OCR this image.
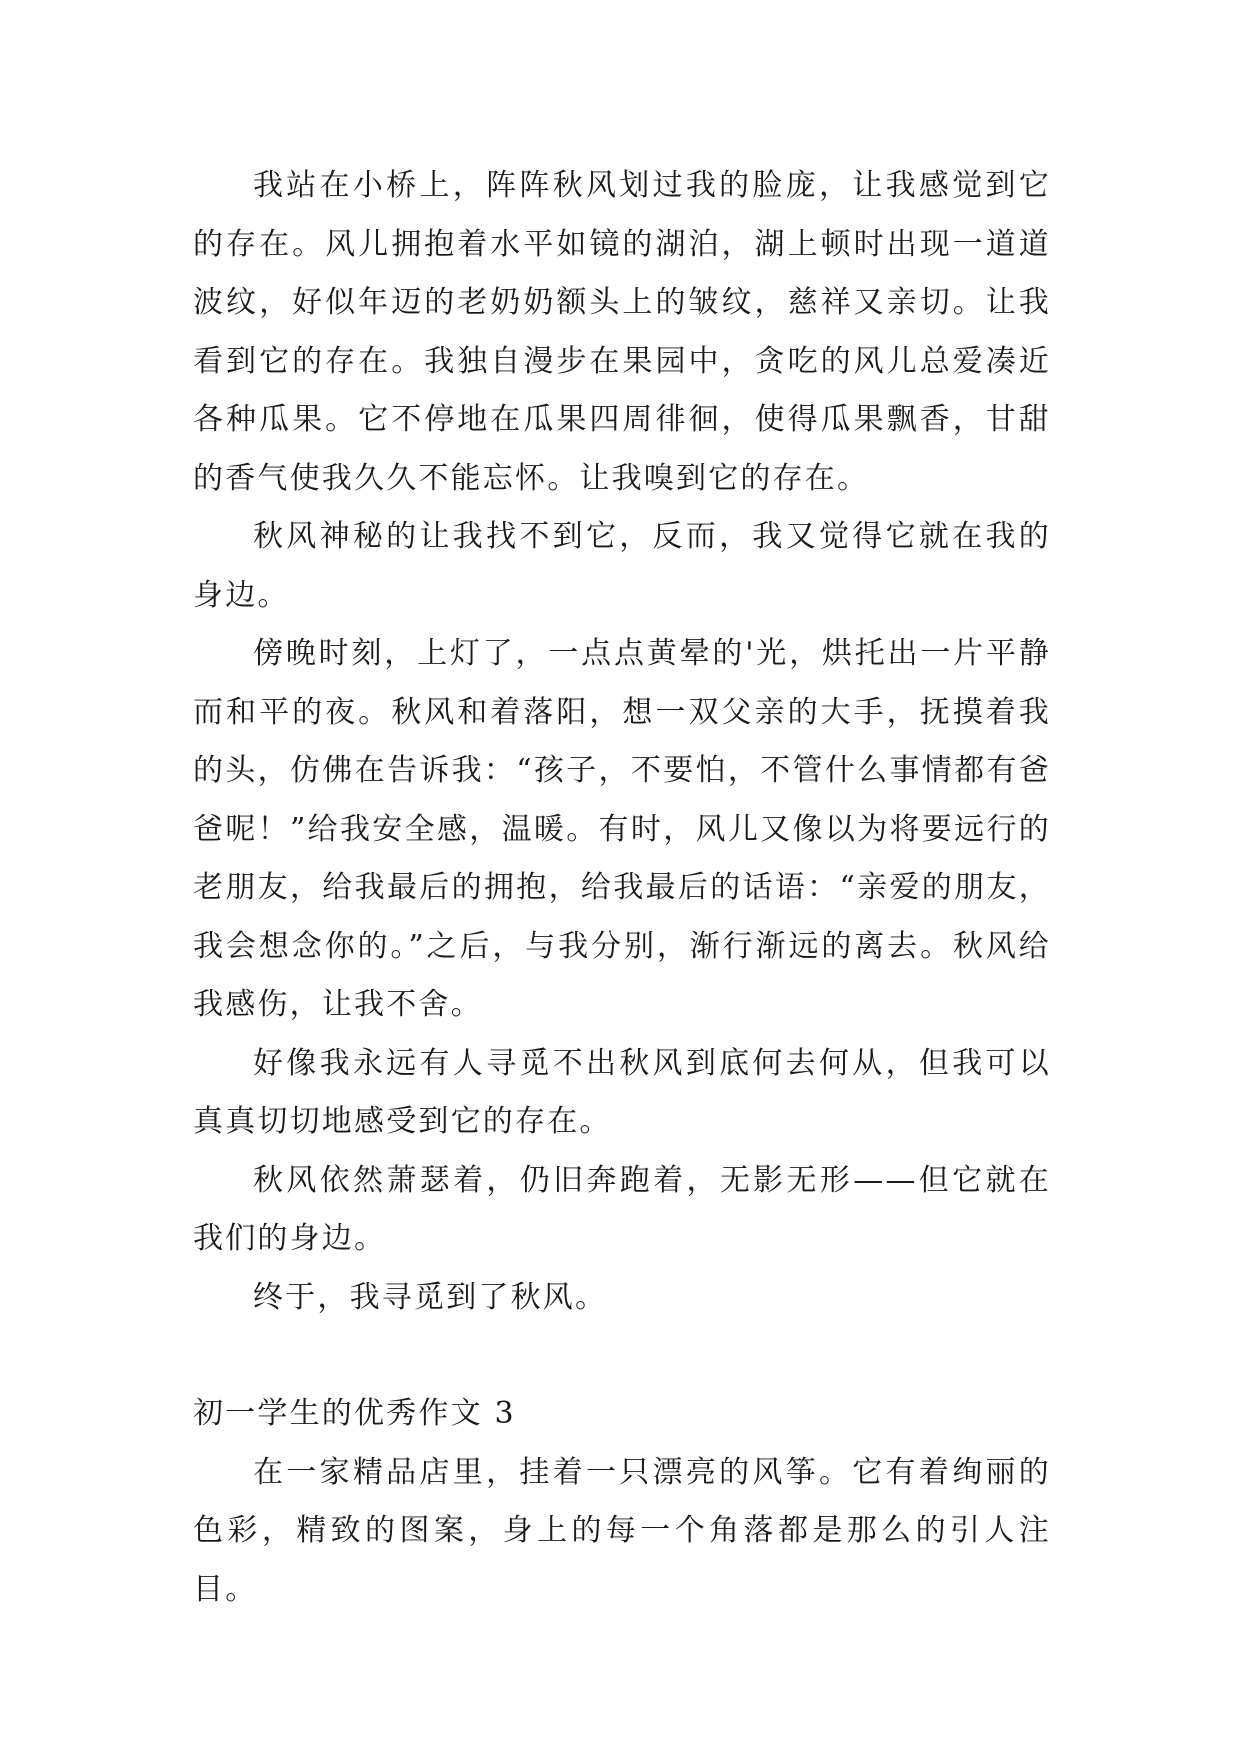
我站在小桥上，阵阵秋风划过我的脸庞，让我感觉到它的存在。风儿拥抱着水平如镜的湖泊，湖上顿时出现一道道波纹，好似年迈的老奶奶额头上的皱纹，慈祥又亲切。让我看到它的存在。我独自漫步在果园中，贪吃的风儿总爱凑近各种瓜果。它不停地在瓜果四周徘徊，使得瓜果飘香，甘甜的香气使我久久不能忘怀。让我嗅到它的存在。

秋风神秘的让我找不到它，反而，我又觉得它就在我的身边。

傍晚时刻，上灯了，一点点黄晕的'光，烘托出一片平静而和平的夜。秋风和着落阳，想一双父亲的大手，抚摸着我的头，仿佛在告诉我：“孩子，不要怕，不管什么事情都有爸爸呢！”给我安全感，温暖。有时，风儿又像以为将要远行的老朋友，给我最后的拥抱，给我最后的话语：“亲爱的朋友，我会想念你的。”之后，与我分别，渐行渐远的离去。秋风给我感伤，让我不舍。

好像我永远有人寻觅不出秋风到底何去何从，但我可以真真切切地感受到它的存在。

秋风依然萧瑟着，仍旧奔跑着，无影无形——但它就在我们的身边。

终于，我寻觅到了秋风。

初一学生的优秀作文 3

在一家精品店里，挂着一只漂亮的风筝。它有着绚丽的色彩，精致的图案，身上的每一个角落都是那么的引人注目。
